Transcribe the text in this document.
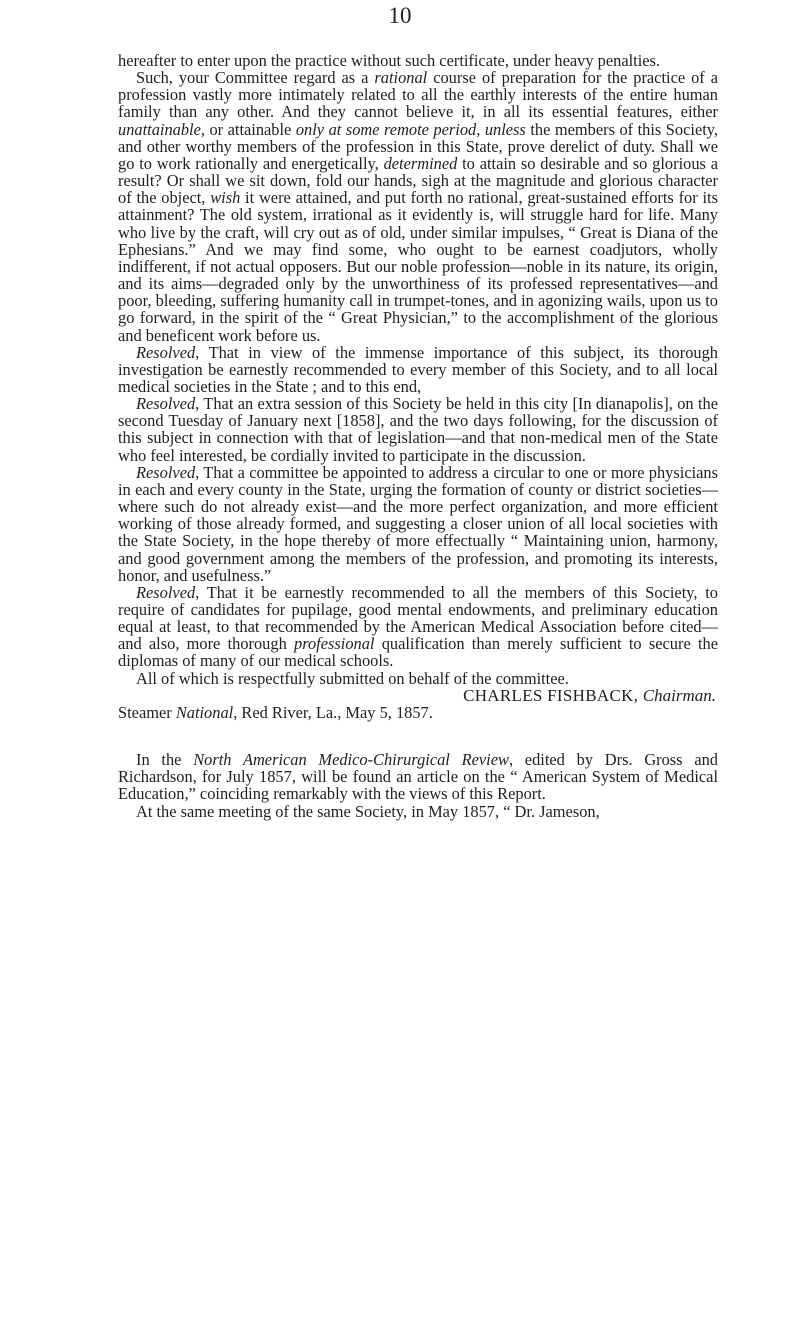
10

hereafter to enter upon the practice without such certificate, under heavy penalties.

Such, your Committee regard as a rational course of preparation for the practice of a profession vastly more intimately related to all the earthly interests of the entire human family than any other. And they cannot believe it, in all its essential features, either unattainable, or attainable only at some remote period, unless the members of this Society, and other worthy members of the profession in this State, prove derelict of duty. Shall we go to work rationally and energetically, determined to attain so desirable and so glorious a result? Or shall we sit down, fold our hands, sigh at the magnitude and glorious character of the object, wish it were attained, and put forth no rational, great-sustained efforts for its attainment? The old system, irrational as it evidently is, will struggle hard for life. Many who live by the craft, will cry out as of old, under similar impulses, “ Great is Diana of the Ephesians.” And we may find some, who ought to be earnest coadjutors, wholly indifferent, if not actual opposers. But our noble profession—noble in its nature, its origin, and its aims—degraded only by the unworthiness of its professed representatives—and poor, bleeding, suffering humanity call in trumpet-tones, and in agonizing wails, upon us to go forward, in the spirit of the “ Great Physician,” to the accomplishment of the glorious and beneficent work before us.

Resolved, That in view of the immense importance of this subject, its thorough investigation be earnestly recommended to every member of this Society, and to all local medical societies in the State ; and to this end,

Resolved, That an extra session of this Society be held in this city [In dianapolis], on the second Tuesday of January next [1858], and the two days following, for the discussion of this subject in connection with that of legislation—and that non-medical men of the State who feel interested, be cordially invited to participate in the discussion.

Resolved, That a committee be appointed to address a circular to one or more physicians in each and every county in the State, urging the formation of county or district societies—where such do not already exist—and the more perfect organization, and more efficient working of those already formed, and suggesting a closer union of all local societies with the State Society, in the hope thereby of more effectually “ Maintaining union, harmony, and good government among the members of the profession, and promoting its interests, honor, and usefulness.”

Resolved, That it be earnestly recommended to all the members of this Society, to require of candidates for pupilage, good mental endowments, and preliminary education equal at least, to that recommended by the American Medical Association before cited—and also, more thorough professional qualification than merely sufficient to secure the diplomas of many of our medical schools.

All of which is respectfully submitted on behalf of the committee.

CHARLES FISHBACK, Chairman.

Steamer National, Red River, La., May 5, 1857.

In the North American Medico-Chirurgical Review, edited by Drs. Gross and Richardson, for July 1857, will be found an article on the “ American System of Medical Education,” coinciding remarkably with the views of this Report.

At the same meeting of the same Society, in May 1857, “ Dr. Jameson,
